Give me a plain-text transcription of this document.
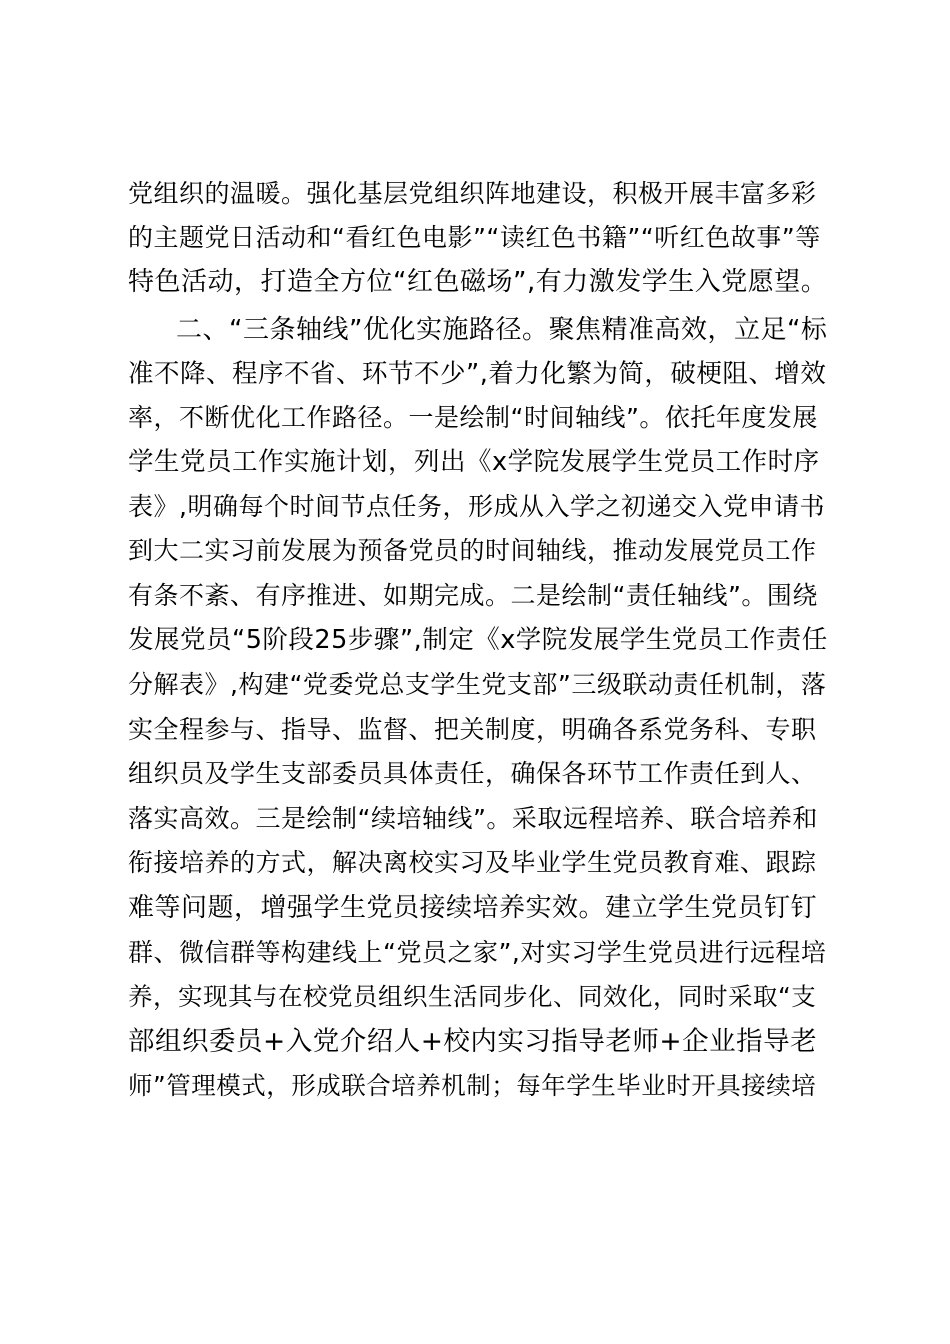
党组织的温暖。强化基层党组织阵地建设，积极开展丰富多彩
的主题党日活动和“看红色电影”“读红色书籍”“听红色故事”等
特色活动，打造全方位“红色磁场”,有力激发学生入党愿望。
二、“三条轴线”优化实施路径。聚焦精准高效，立足“标
准不降、程序不省、环节不少”,着力化繁为简，破梗阻、增效
率，不断优化工作路径。一是绘制“时间轴线”。依托年度发展
学生党员工作实施计划，列出《x学院发展学生党员工作时序
表》,明确每个时间节点任务，形成从入学之初递交入党申请书
到大二实习前发展为预备党员的时间轴线，推动发展党员工作
有条不紊、有序推进、如期完成。二是绘制“责任轴线”。围绕
发展党员“5阶段25步骤”,制定《x学院发展学生党员工作责任
分解表》,构建“党委党总支学生党支部”三级联动责任机制，落
实全程参与、指导、监督、把关制度，明确各系党务科、专职
组织员及学生支部委员具体责任，确保各环节工作责任到人、
落实高效。三是绘制“续培轴线”。采取远程培养、联合培养和
衔接培养的方式，解决离校实习及毕业学生党员教育难、跟踪
难等问题，增强学生党员接续培养实效。建立学生党员钉钉
群、微信群等构建线上“党员之家”,对实习学生党员进行远程培
养，实现其与在校党员组织生活同步化、同效化，同时采取“支
部组织委员+入党介绍人+校内实习指导老师+企业指导老
师”管理模式，形成联合培养机制；每年学生毕业时开具接续培
